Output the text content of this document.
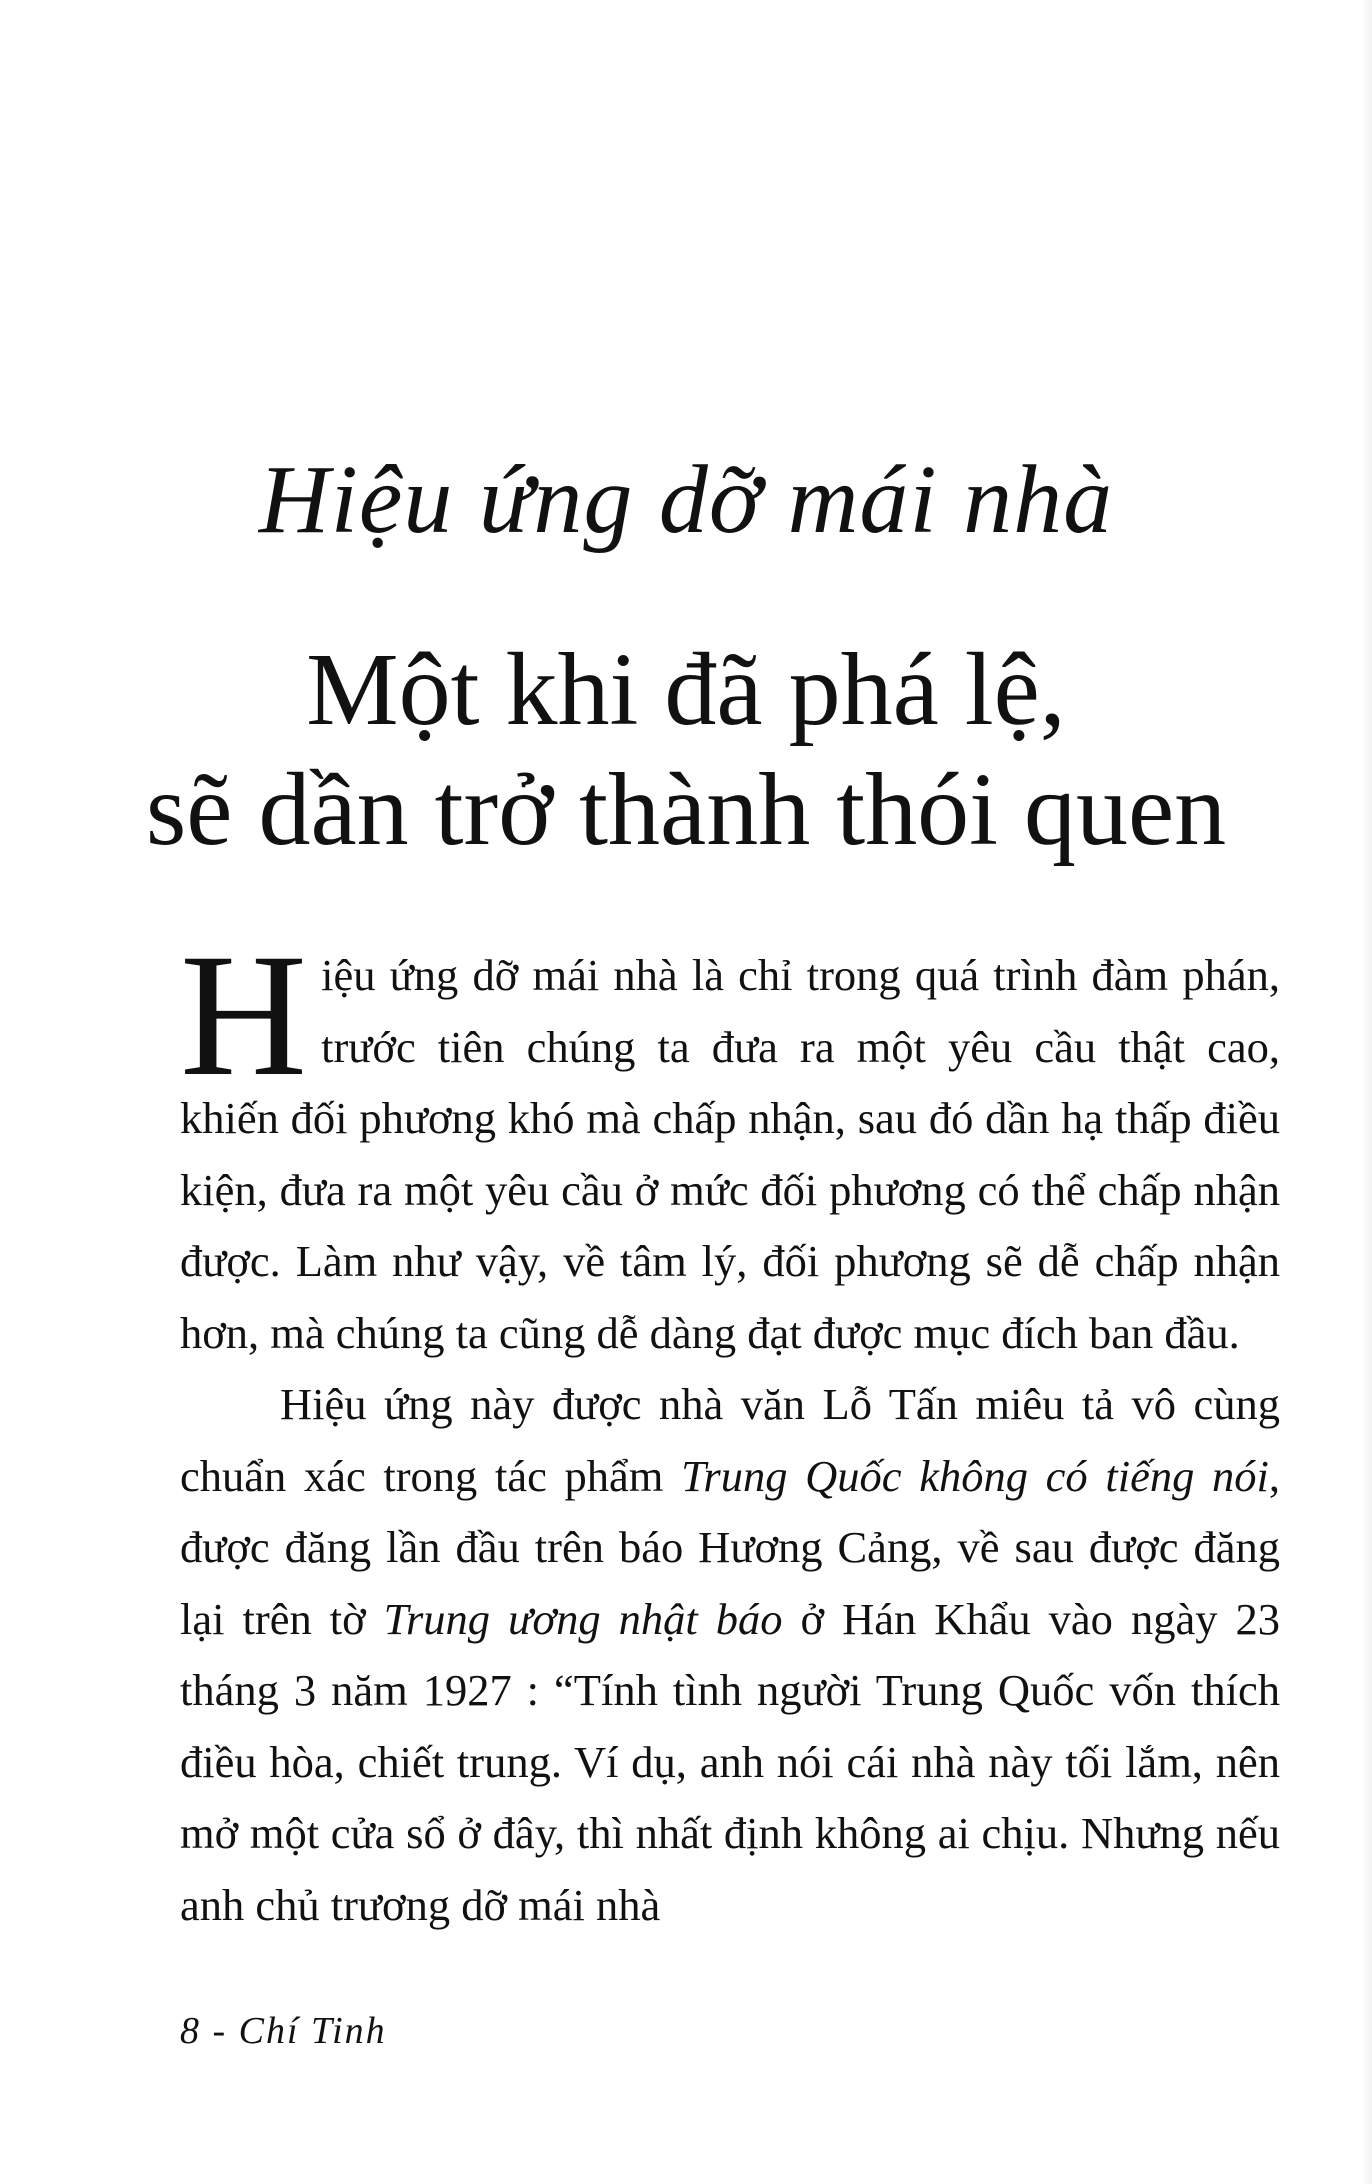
Hiệu ứng dỡ mái nhà
Một khi đã phá lệ,
sẽ dần trở thành thói quen

Hiệu ứng dỡ mái nhà là chỉ trong quá trình đàm phán, trước tiên chúng ta đưa ra một yêu cầu thật cao, khiến đối phương khó mà chấp nhận, sau đó dần hạ thấp điều kiện, đưa ra một yêu cầu ở mức đối phương có thể chấp nhận được. Làm như vậy, về tâm lý, đối phương sẽ dễ chấp nhận hơn, mà chúng ta cũng dễ dàng đạt được mục đích ban đầu.

Hiệu ứng này được nhà văn Lỗ Tấn miêu tả vô cùng chuẩn xác trong tác phẩm Trung Quốc không có tiếng nói, được đăng lần đầu trên báo Hương Cảng, về sau được đăng lại trên tờ Trung ương nhật báo ở Hán Khẩu vào ngày 23 tháng 3 năm 1927 : “Tính tình người Trung Quốc vốn thích điều hòa, chiết trung. Ví dụ, anh nói cái nhà này tối lắm, nên mở một cửa sổ ở đây, thì nhất định không ai chịu. Nhưng nếu anh chủ trương dỡ mái nhà

8 - Chí Tinh
